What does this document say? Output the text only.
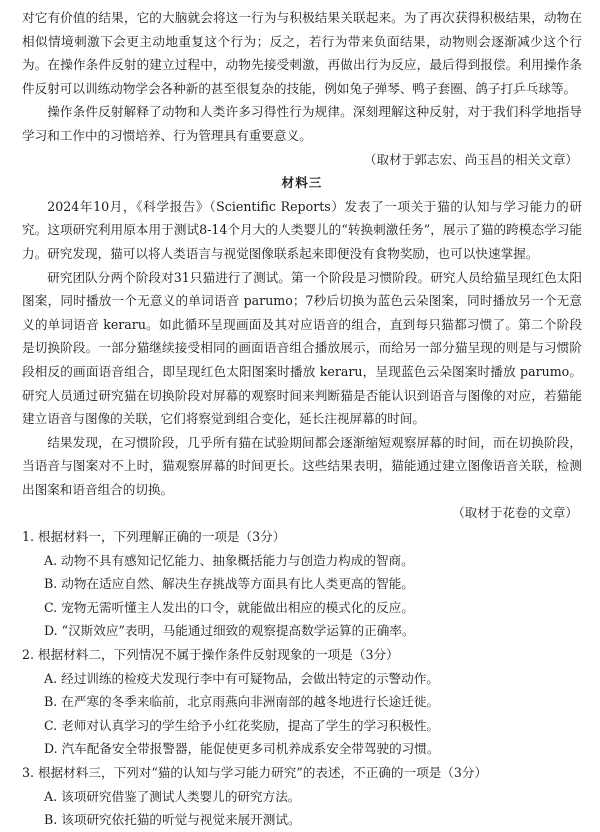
对它有价值的结果，它的大脑就会将这一行为与积极结果关联起来。为了再次获得积极结果，动物在相似情境刺激下会更主动地重复这个行为；反之，若行为带来负面结果，动物则会逐渐减少这个行为。在操作条件反射的建立过程中，动物先接受刺激，再做出行为反应，最后得到报偿。利用操作条件反射可以训练动物学会各种新的甚至很复杂的技能，例如兔子弹琴、鸭子套圈、鸽子打乒乓球等。

操作条件反射解释了动物和人类许多习得性行为规律。深刻理解这种反射，对于我们科学地指导学习和工作中的习惯培养、行为管理具有重要意义。

（取材于郭志宏、尚玉昌的相关文章）

材料三

2024年10月，《科学报告》（Scientific Reports）发表了一项关于猫的认知与学习能力的研究。这项研究利用原本用于测试8-14个月大的人类婴儿的“转换刺激任务”，展示了猫的跨模态学习能力。研究发现，猫可以将人类语言与视觉图像联系起来即便没有食物奖励，也可以快速掌握。

研究团队分两个阶段对31只猫进行了测试。第一个阶段是习惯阶段。研究人员给猫呈现红色太阳图案，同时播放一个无意义的单词语音 parumo；7秒后切换为蓝色云朵图案，同时播放另一个无意义的单词语音 keraru。如此循环呈现画面及其对应语音的组合，直到每只猫都习惯了。第二个阶段是切换阶段。一部分猫继续接受相同的画面语音组合播放展示，而给另一部分猫呈现的则是与习惯阶段相反的画面语音组合，即呈现红色太阳图案时播放 keraru，呈现蓝色云朵图案时播放 parumo。研究人员通过研究猫在切换阶段对屏幕的观察时间来判断猫是否能认识到语音与图像的对应，若猫能建立语音与图像的关联，它们将察觉到组合变化，延长注视屏幕的时间。

结果发现，在习惯阶段，几乎所有猫在试验期间都会逐渐缩短观察屏幕的时间，而在切换阶段，当语音与图案对不上时，猫观察屏幕的时间更长。这些结果表明，猫能通过建立图像语音关联，检测出图案和语音组合的切换。

（取材于花卷的文章）

1. 根据材料一，下列理解正确的一项是（3分）

A. 动物不具有感知记忆能力、抽象概括能力与创造力构成的智商。

B. 动物在适应自然、解决生存挑战等方面具有比人类更高的智能。

C. 宠物无需听懂主人发出的口令，就能做出相应的模式化的反应。

D. “汉斯效应”表明，马能通过细致的观察提高数学运算的正确率。

2. 根据材料二，下列情况不属于操作条件反射现象的一项是（3分）

A. 经过训练的检疫犬发现行李中有可疑物品，会做出特定的示警动作。

B. 在严寒的冬季来临前，北京雨燕向非洲南部的越冬地进行长途迁徙。

C. 老师对认真学习的学生给予小红花奖励，提高了学生的学习积极性。

D. 汽车配备安全带报警器，能促使更多司机养成系安全带驾驶的习惯。

3. 根据材料三，下列对“猫的认知与学习能力研究”的表述，不正确的一项是（3分）

A. 该项研究借鉴了测试人类婴儿的研究方法。

B. 该项研究依托猫的听觉与视觉来展开测试。
